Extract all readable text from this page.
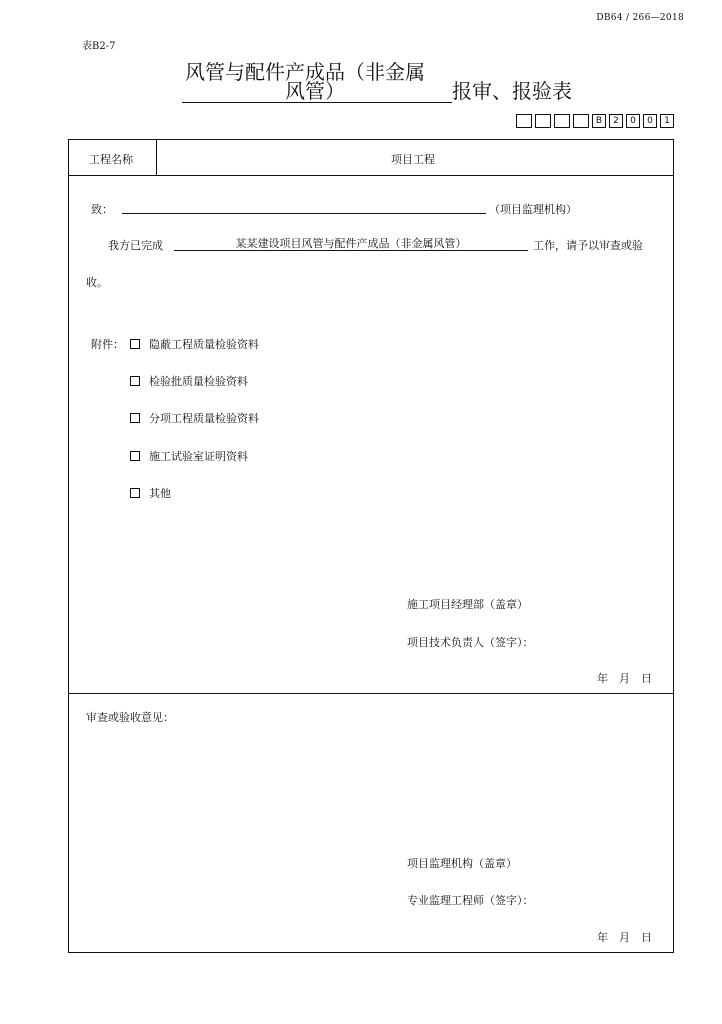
DB64 / 266—2018
表B2-7
风管与配件产成品（非金属
风管）	报审、报验表
B	2	0	0	1
工程名称	项目工程
致：	（项目监理机构）
我方已完成	某某建设项目风管与配件产成品（非金属风管）	工作，请予以审查或验
收。
附件：	隐蔽工程质量检验资料
检验批质量检验资料
分项工程质量检验资料
施工试验室证明资料
其他
施工项目经理部（盖章）
项目技术负责人（签字）：
年　月　日
审查或验收意见：
项目监理机构（盖章）
专业监理工程师（签字）：
年　月　日
